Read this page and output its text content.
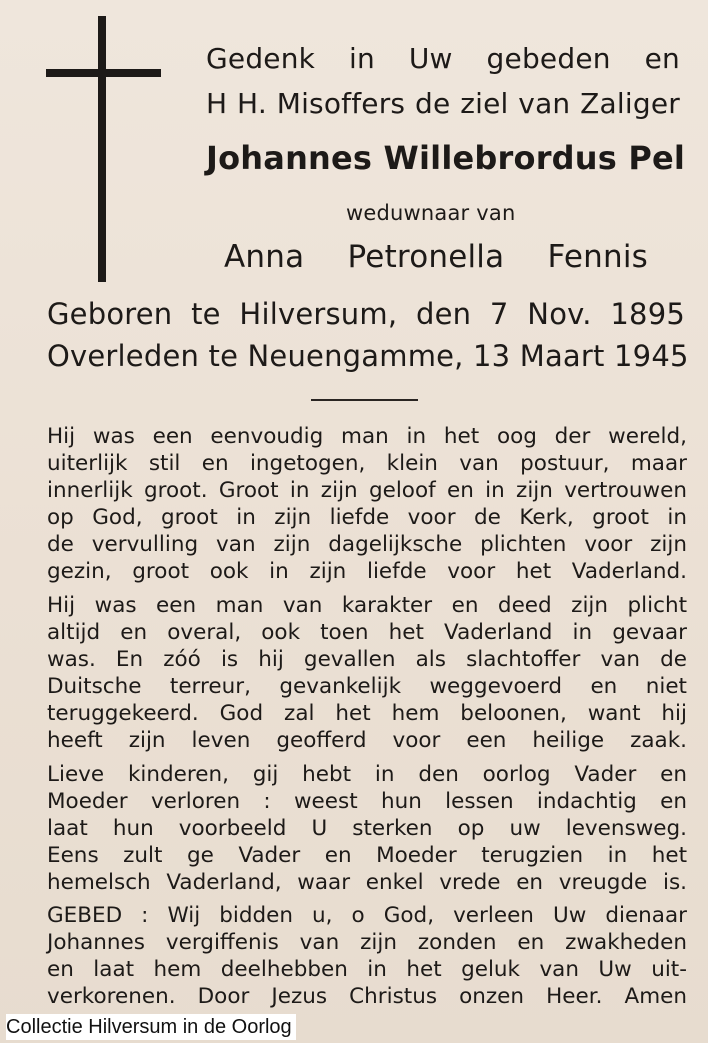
Gedenk in Uw gebeden en
H H. Misoffers de ziel van Zaliger
Johannes Willebrordus Pel
weduwnaar van
Anna Petronella Fennis
Geboren te Hilversum, den 7 Nov. 1895
Overleden te Neuengamme, 13 Maart 1945
Hij was een eenvoudig man in het oog der wereld,
uiterlijk stil en ingetogen, klein van postuur, maar
innerlijk groot. Groot in zijn geloof en in zijn vertrouwen
op God, groot in zijn liefde voor de Kerk, groot in
de vervulling van zijn dagelijksche plichten voor zijn
gezin, groot ook in zijn liefde voor het Vaderland.
Hij was een man van karakter en deed zijn plicht
altijd en overal, ook toen het Vaderland in gevaar
was. En zóó is hij gevallen als slachtoffer van de
Duitsche terreur, gevankelijk weggevoerd en niet
teruggekeerd. God zal het hem beloonen, want hij
heeft zijn leven geofferd voor een heilige zaak.
Lieve kinderen, gij hebt in den oorlog Vader en
Moeder verloren : weest hun lessen indachtig en
laat hun voorbeeld U sterken op uw levensweg.
Eens zult ge Vader en Moeder terugzien in het
hemelsch Vaderland, waar enkel vrede en vreugde is.
GEBED : Wij bidden u, o God, verleen Uw dienaar
Johannes vergiffenis van zijn zonden en zwakheden
en laat hem deelhebben in het geluk van Uw uit-
verkorenen. Door Jezus Christus onzen Heer. Amen
Collectie Hilversum in de Oorlog
